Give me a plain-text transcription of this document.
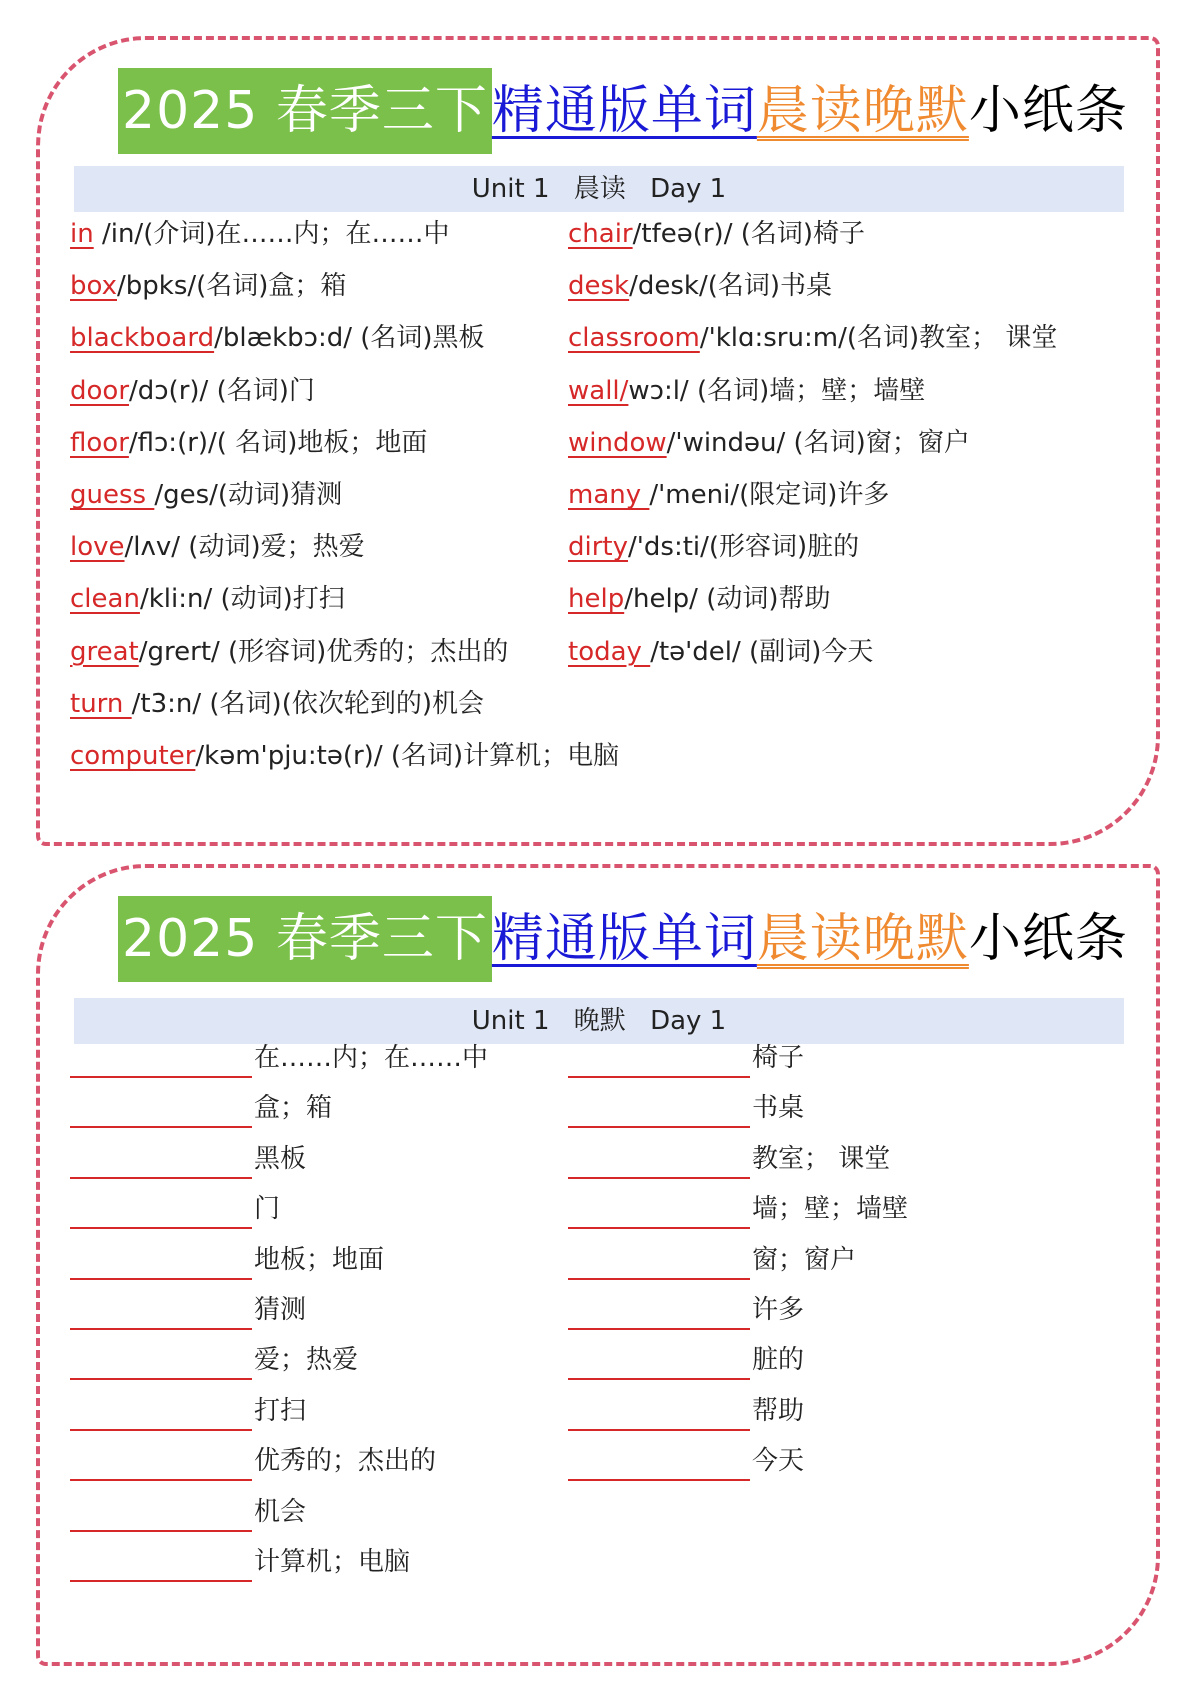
2025 春季三下 精通版单词 晨读晚默 小纸条
Unit 1 晨读 Day 1
in /in/(介词)在……内；在……中
box/bpks/(名词)盒；箱
blackboard/blækbɔ:d/ (名词)黑板
door/dɔ(r)/ (名词)门
floor/flɔ:(r)/( 名词)地板；地面
guess /ges/(动词)猜测
love/lʌv/ (动词)爱；热爱
clean/kli:n/ (动词)打扫
great/grert/ (形容词)优秀的；杰出的
turn /t3:n/ (名词)(依次轮到的)机会
computer/kəm'pju:tə(r)/ (名词)计算机；电脑
chair/tfeə(r)/ (名词)椅子
desk/desk/(名词)书桌
classroom/'klɑ:sru:m/(名词)教室； 课堂
wall/wɔ:l/ (名词)墙；壁；墙壁
window/'windəu/ (名词)窗；窗户
many /'meni/(限定词)许多
dirty/'ds:ti/(形容词)脏的
help/help/ (动词)帮助
today /tə'del/ (副词)今天
2025 春季三下 精通版单词 晨读晚默 小纸条
Unit 1 晚默 Day 1
在……内；在……中
盒；箱
黑板
门
地板；地面
猜测
爱；热爱
打扫
优秀的；杰出的
机会
计算机；电脑
椅子
书桌
教室； 课堂
墙；壁；墙壁
窗；窗户
许多
脏的
帮助
今天
